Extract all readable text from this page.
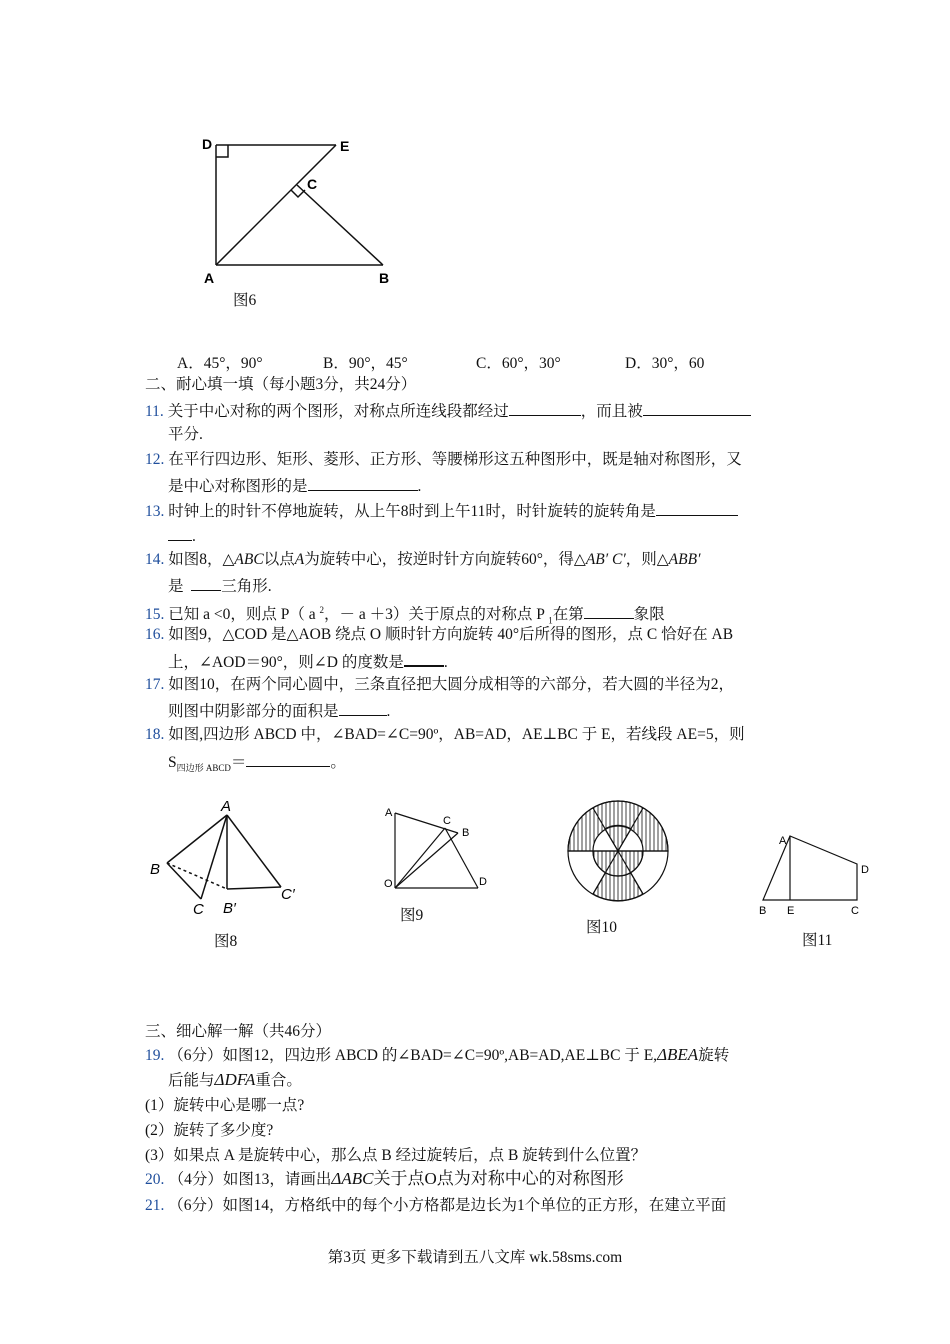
D	E
C
A	B
图6
A．45°，90°	B．90°，45°	C．60°，30°	D．30°，60
二、耐心填一填（每小题3分，共24分）
11. 关于中心对称的两个图形，对称点所连线段都经过	，而且被
平分.
12. 在平行四边形、矩形、菱形、正方形、等腰梯形这五种图形中，既是轴对称图形，又
是中心对称图形的是	.
13. 时钟上的时针不停地旋转，从上午8时到上午11时，时针旋转的旋转角是
.
14. 如图8，△ABC以点A为旋转中心，按逆时针方向旋转60°，得△AB′ C′，则△ABB′
是 三角形.
15. 已知 a <0，则点 P（ a $^2$，－ a ＋3）关于原点的对称点 P $_1$在第	象限
16. 如图9，△COD 是△AOB 绕点 O 顺时针方向旋转 40°后所得的图形，点 C 恰好在 AB
上，∠AOD＝90°，则∠D 的度数是	.
17. 如图10，在两个同心圆中，三条直径把大圆分成相等的六部分，若大圆的半径为2，
则图中阴影部分的面积是	.
18. 如图,四边形 ABCD 中，∠BAD=∠C=90º，AB=AD，AE⊥BC 于 E，若线段 AE=5，则
$S_{四边形 ABCD}=$	。
A
B
C B′
C′
图8
A
C
B
O	D
图9
图10
A
D
B E	C
图11
三、细心解一解（共46分）
19. （6分）如图12，四边形 ABCD 的∠BAD=∠C=90º,AB=AD,AE⊥BC 于 E,ΔBEA旋转
后能与ΔDFA重合。
(1）旋转中心是哪一点?
(2）旋转了多少度?
(3）如果点 A 是旋转中心，那么点 B 经过旋转后，点 B 旋转到什么位置？
20. （4分）如图13，请画出ΔABC关于点O点为对称中心的对称图形
21. （6分）如图14，方格纸中的每个小方格都是边长为1个单位的正方形，在建立平面
第3页 更多下载请到五八文库 wk.58sms.com
